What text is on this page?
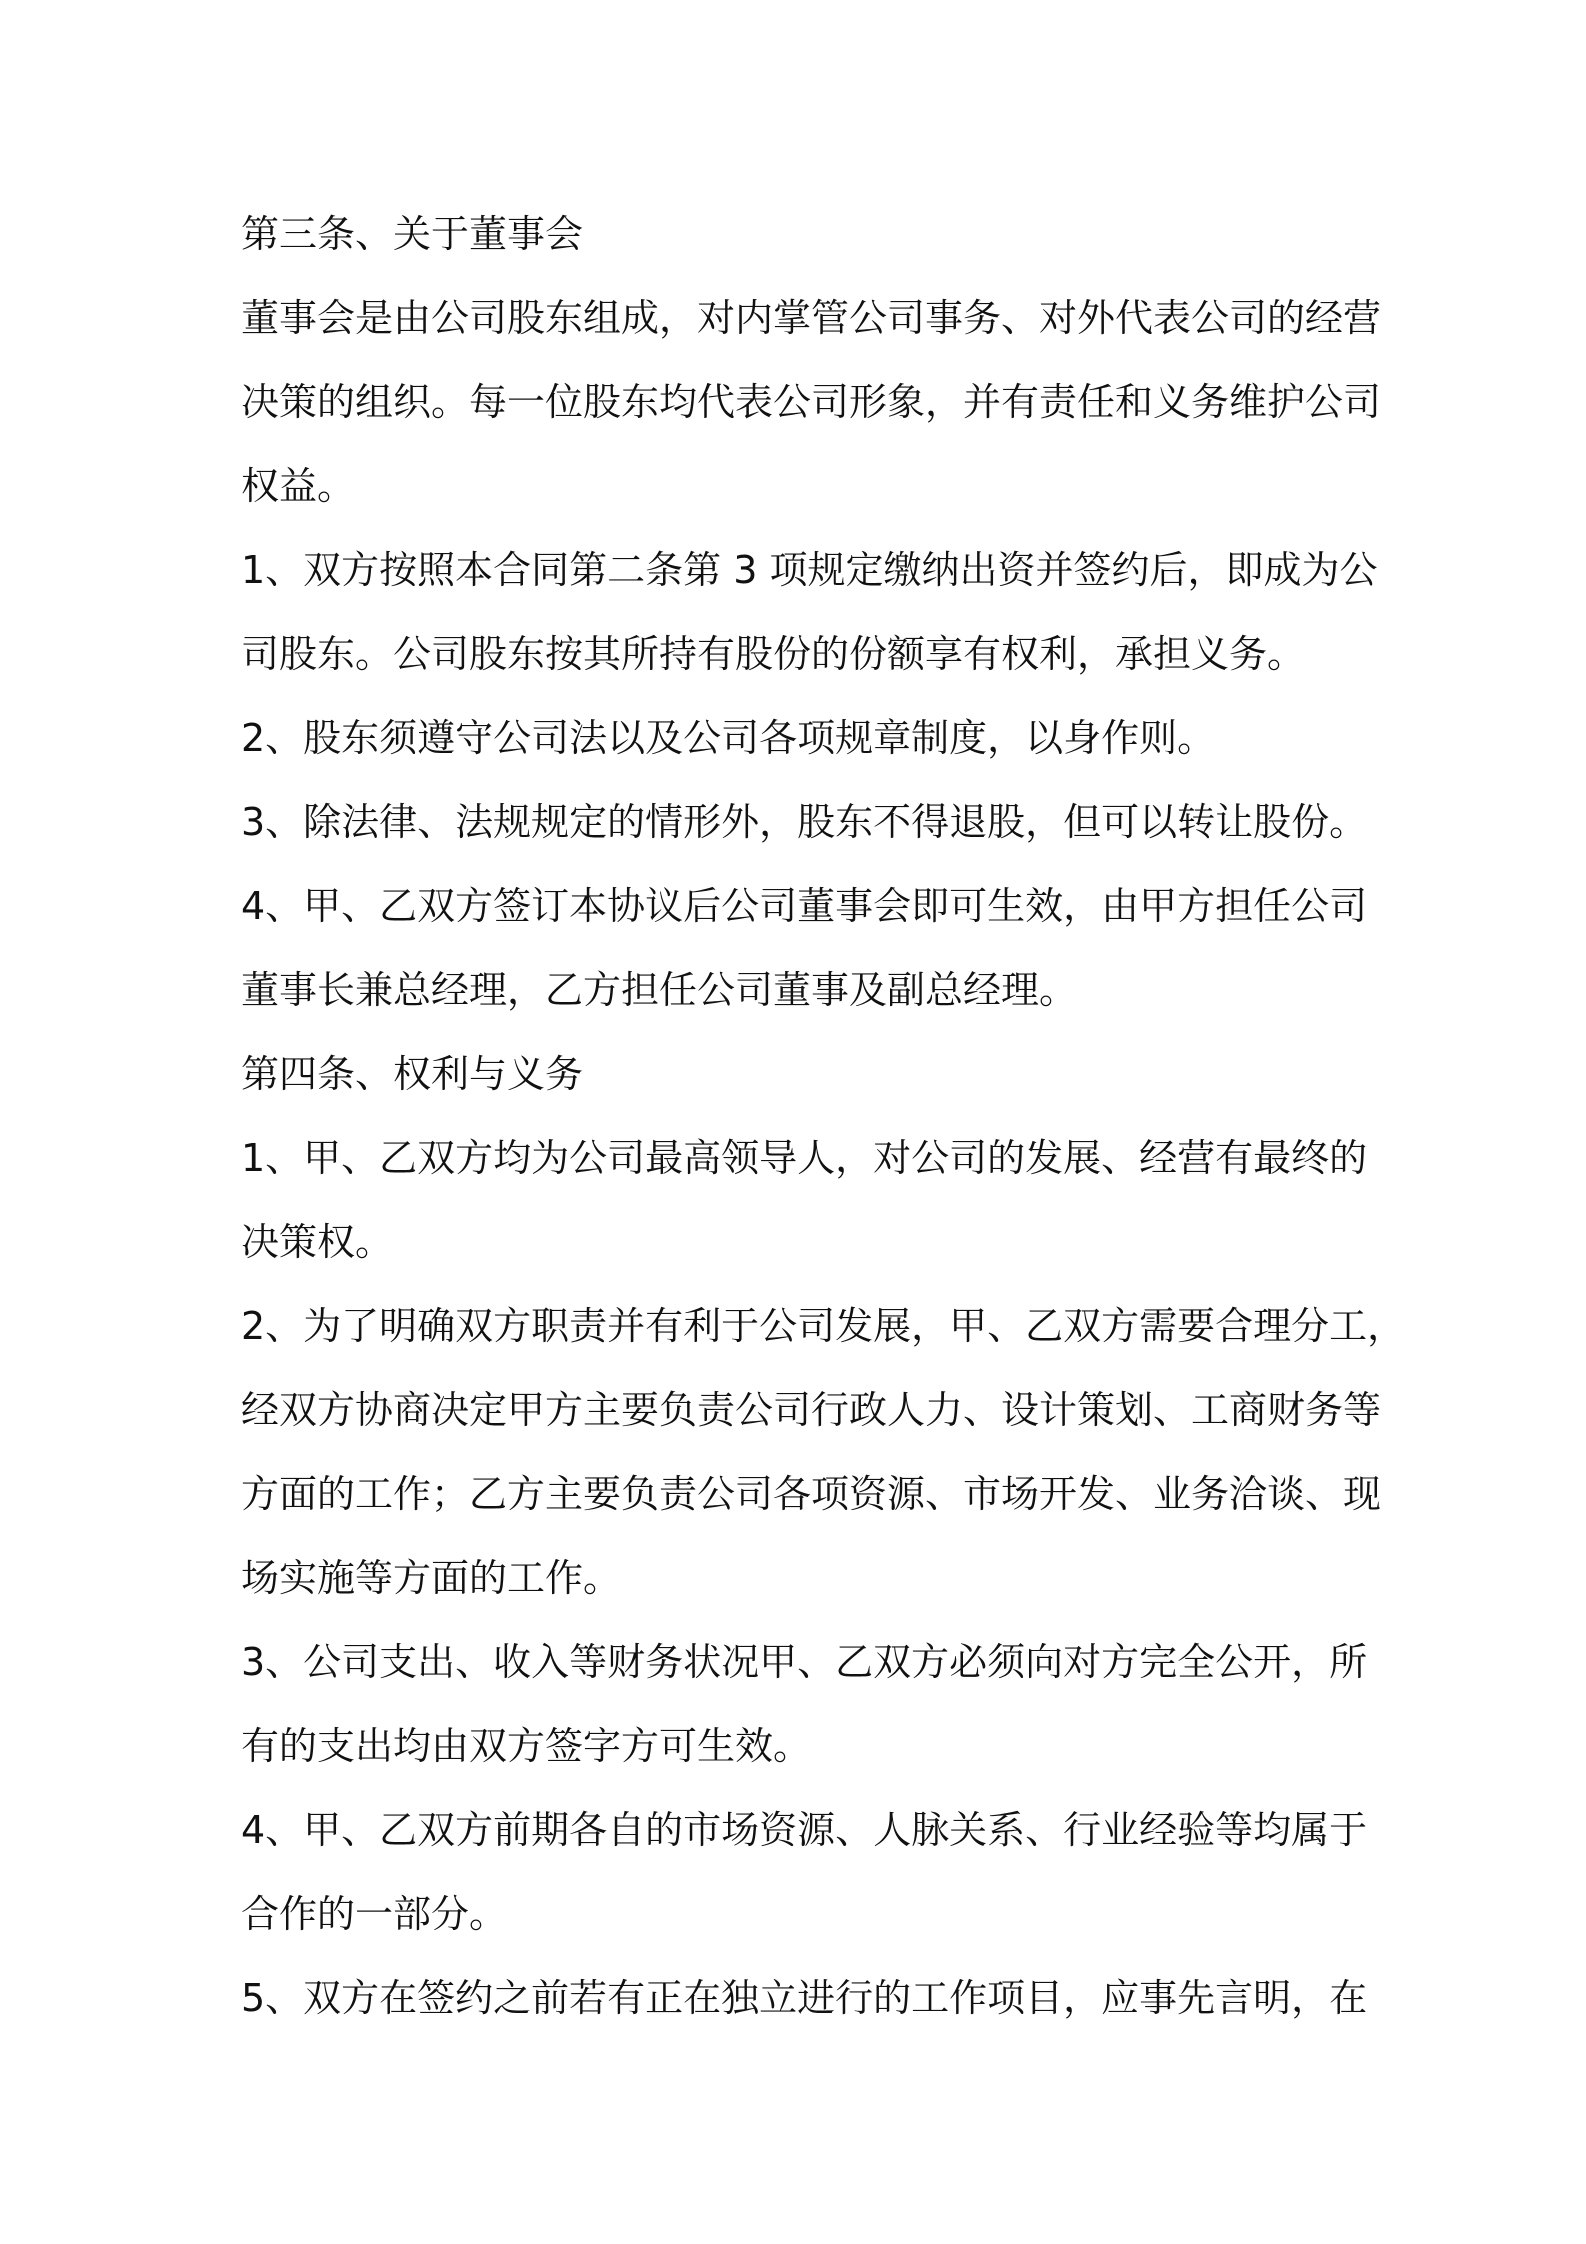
第三条、关于董事会
董事会是由公司股东组成，对内掌管公司事务、对外代表公司的经营
决策的组织。每一位股东均代表公司形象，并有责任和义务维护公司
权益。
1、双方按照本合同第二条第 3 项规定缴纳出资并签约后，即成为公
司股东。公司股东按其所持有股份的份额享有权利，承担义务。
2、股东须遵守公司法以及公司各项规章制度，以身作则。
3、除法律、法规规定的情形外，股东不得退股，但可以转让股份。
4、甲、乙双方签订本协议后公司董事会即可生效，由甲方担任公司
董事长兼总经理，乙方担任公司董事及副总经理。
第四条、权利与义务
1、甲、乙双方均为公司最高领导人，对公司的发展、经营有最终的
决策权。
2、为了明确双方职责并有利于公司发展，甲、乙双方需要合理分工，
经双方协商决定甲方主要负责公司行政人力、设计策划、工商财务等
方面的工作；乙方主要负责公司各项资源、市场开发、业务洽谈、现
场实施等方面的工作。
3、公司支出、收入等财务状况甲、乙双方必须向对方完全公开，所
有的支出均由双方签字方可生效。
4、甲、乙双方前期各自的市场资源、人脉关系、行业经验等均属于
合作的一部分。
5、双方在签约之前若有正在独立进行的工作项目，应事先言明，在
